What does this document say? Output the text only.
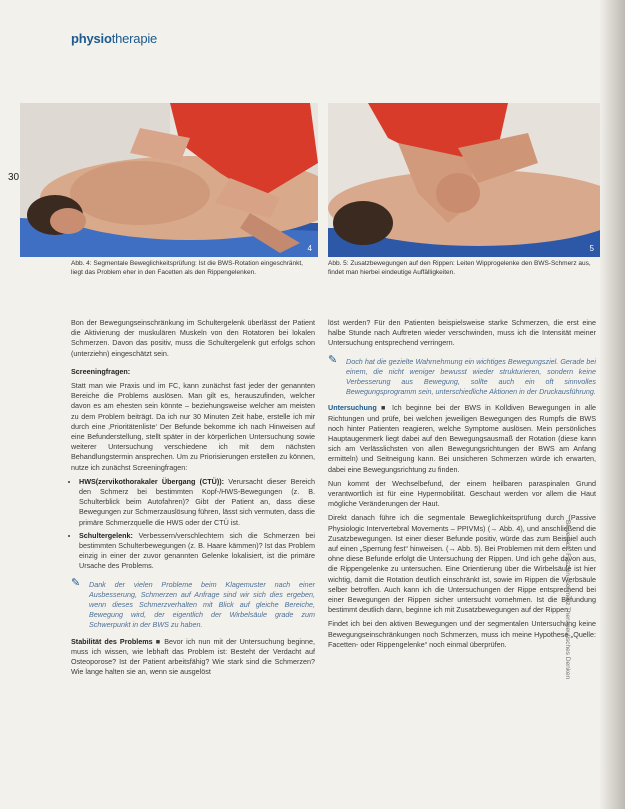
physiotherapie
30
4	5
Abb. 4: Segmentale Beweglichkeitsprüfung: Ist die BWS-Rotation eingeschränkt, liegt das Problem eher in den Facetten als den Rippengelenken.
Abb. 5: Zusatzbewegungen auf den Rippen: Leiten Wipprogelenke den BWS-Schmerz aus, findet man hierbei eindeutige Auffälligkeiten.

Bon der Bewegungseinschränkung im Schultergelenk überlässt der Patient die Aktivierung der muskulären Muskeln von den Rotatoren bei lokalen Schmerzen. Davon das positiv, muss die Schultergelenk gut erfolgs schon (unterziehn) eingeschätzt sein.

Screeningfragen:

Statt man wie Praxis und im FC, kann zunächst fast jeder der genannten Bereiche die Problems auslösen. Man gilt es, herauszufinden, welcher davon es am ehesten sein könnte – beziehungsweise welcher am meisten zu dem Problem beiträgt. Da ich nur 30 Minuten Zeit habe, erstelle ich mir durch eine ‚Prioritätenliste‘ Der Befunde bekomme ich nach Hinweisen auf eine Befunderstellung, stellt später in der körperlichen Untersuchung sowie weiterer Untersuchung verschiedene ich mit dem nächsten Behandlungstermin ansprechen. Um zu Priorisierungen erstellen zu können, nutze ich zunächst Screeningfragen:

• HWS(zervikothorakaler Übergang (CTÜ)): Verursacht dieser Bereich den Schmerz bei bestimmten Kopf-/HWS-Bewegungen (z. B. Schulterblick beim Autofahren)? Gibt der Patient an, dass diese Bewegungen zur Schmerzauslösung führen, lässt sich vermuten, dass die primäre Schmerzquelle die HWS oder der CTÜ ist.
• Schultergelenk: Verbessern/verschlechtern sich die Schmerzen bei bestimmten Schulterbewegungen (z. B. Haare kämmen)? Ist das Problem einzig in einer der zuvor genannten Gelenke lokalisiert, ist die primäre Ursache des Problems.

✎ Dank der vielen Probleme beim Klagemuster nach einer Ausbesserung, Schmerzen auf Anfrage sind wir sich dies ergeben, wenn dieses Schmerzverhalten mit Blick auf gleiche Bereiche, Bewegung wird, der eigentlich der Wirbelsäule grade zum Schwerpunkt in der BWS zu haben.

Stabilität des Problems ■ Bevor ich nun mit der Untersuchung beginne, muss ich wissen, wie lebhaft das Problem ist: Besteht der Verdacht auf Osteoporose? Ist der Patient arbeitsfähig? Wie stark sind die Schmerzen? Wie lange halten sie an, wenn sie ausgelöst

löst werden? Für den Patienten beispielsweise starke Schmerzen, die erst eine halbe Stunde nach Auftreten wieder verschwinden, muss ich die Intensität meiner Untersuchung entsprechend verringern.

✎ Doch hat die gezielte Wahrnehmung ein wichtiges Bewegungsziel. Gerade bei einem, die nicht weniger bewusst wieder strukturieren, sondern keine Verbesserung aus Bewegung, sollte auch ein oft sinnvolles Bewegungsprogramm sein, unterschiedliche Aktionen in der Druckausführung.

Untersuchung ■ Ich beginne bei der BWS in Kolldiven Bewegungen in alle Richtungen und prüfe, bei welchen jeweiligen Bewegungen des Rumpfs die BWS noch hinter Patienten reagieren, welche Symptome auslösen. Mein persönliches Hauptaugenmerk liegt dabei auf den Bewegungsausmaß der Rotation (diese kann sich am Verlässlichsten von allen Bewegungsrichtungen der BWS am Anfang ermitteln) und Seitneigung kann. Bei unsicheren Schmerzen würde ich erwarten, dabei eine Bewegungsrichtung zu finden.

Nun kommt der Wechselbefund, der einem heilbaren paraspinalen Grund verantwortlich ist für eine Hypermobilität. Geschaut werden vor allem die Haut mögliche Veränderungen der Haut.

Direkt danach führe ich die segmentale Beweglichkeitsprüfung durch (Passive Physiologic Intervertebral Movements – PPIVMs) (→ Abb. 4), und anschließend die Zusatzbewegungen. Ist einer dieser Befunde positiv, würde das zum Beispiel auch auf einen „Sperrung fest“ hinweisen. (→ Abb. 5). Bei Problemen mit dem ersten und ohne diese Befunde erfolgt die Untersuchung der Rippen. Und ich gehe davon aus, die Rippengelenke zu untersuchen. Eine Orientierung über die Wirbelsäule ist hier wichtig, damit die Rotation deutlich einschränkt ist, sowie im Rippen die Werbsäule selber betroffen. Auch kann ich die Untersuchungen der Rippe entsprechend bei einer Bewegungen der Rippen sicher untersucht vornehmen. Ist die Befundung bestimmt deutlich dann, beginne ich mit Zusatzbewegungen auf der Rippen.

Findet ich bei den aktiven Bewegungen und der segmentalen Untersuchung keine Bewegungseinschränkungen noch Schmerzen, muss ich meine Hypothese „Quelle: Facetten- oder Rippengelenke“ noch einmal überprüfen.	Beweglich. Faszien, Schmerz Therapeutisches Denken
